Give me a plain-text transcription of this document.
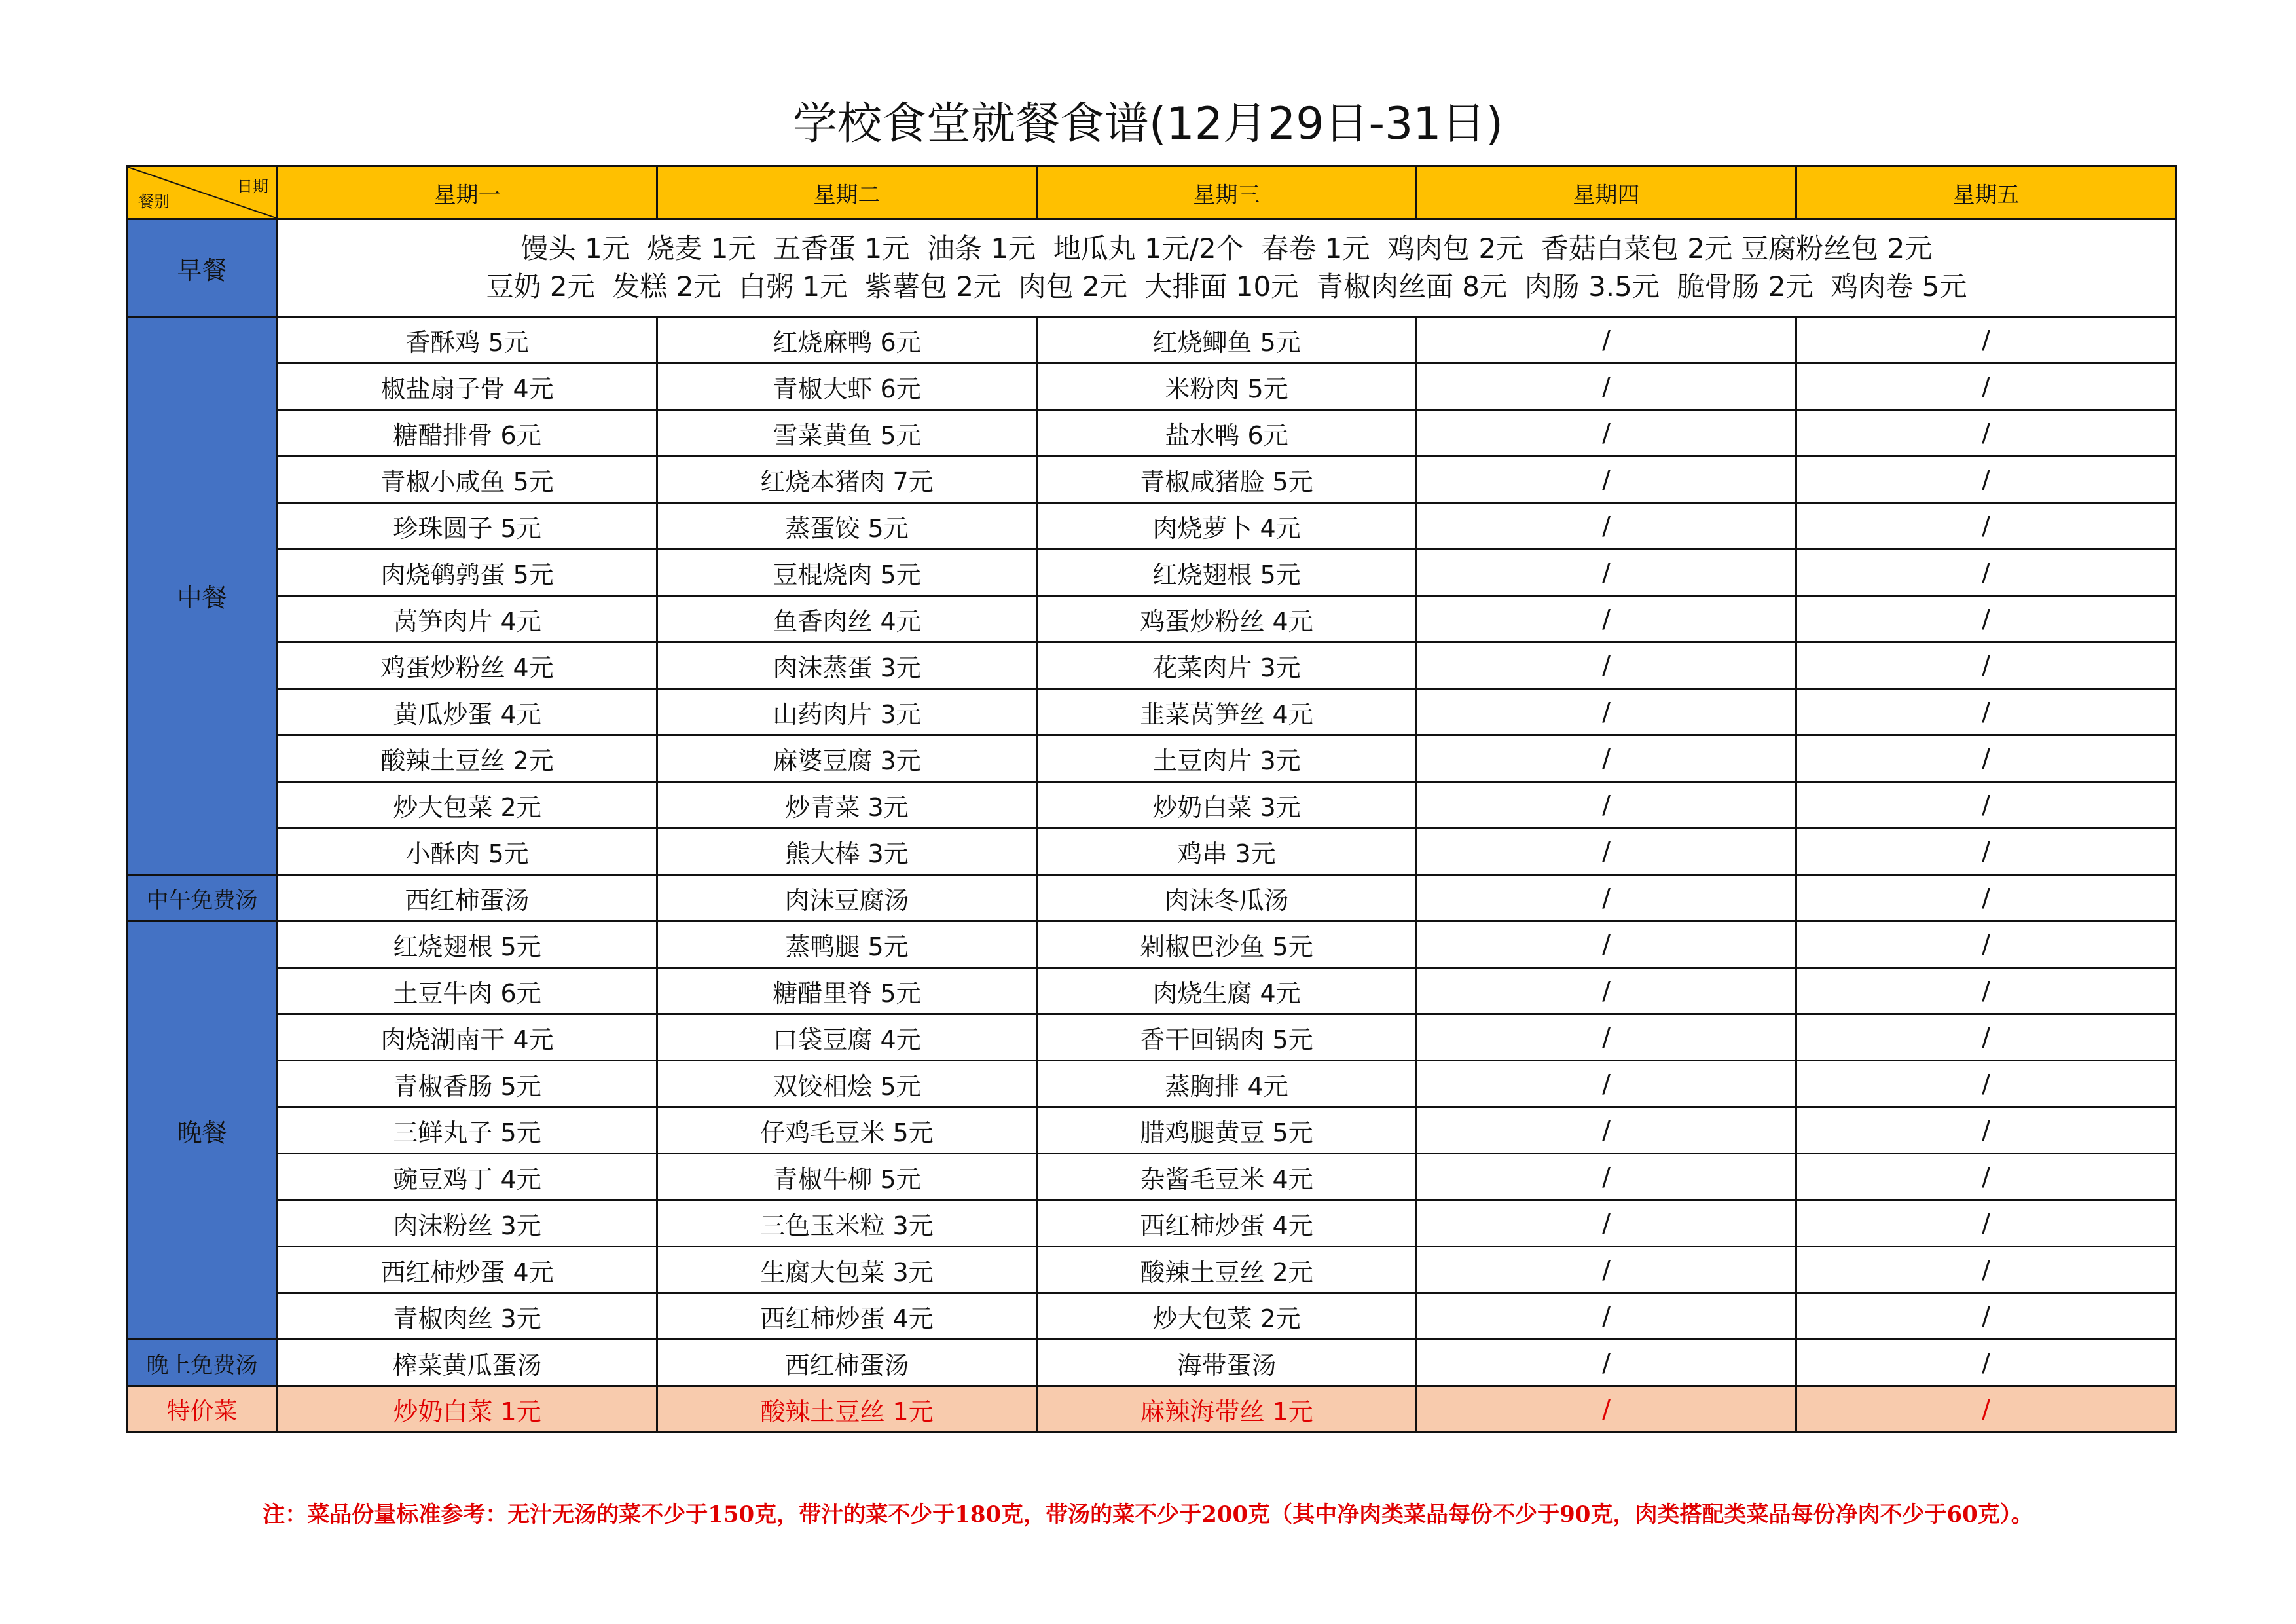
学校食堂就餐食谱(12月29日-31日)
餐别
日期	星期一	星期二	星期三	星期四	星期五
早餐	馒头 1元  烧麦 1元  五香蛋 1元  油条 1元  地瓜丸 1元/2个  春卷 1元  鸡肉包 2元  香菇白菜包 2元 豆腐粉丝包 2元
豆奶 2元  发糕 2元  白粥 1元  紫薯包 2元  肉包 2元  大排面 10元  青椒肉丝面 8元  肉肠 3.5元  脆骨肠 2元  鸡肉卷 5元				

中餐	香酥鸡 5元	红烧麻鸭 6元	红烧鲫鱼 5元	/	/
	椒盐扇子骨 4元	青椒大虾 6元	米粉肉 5元	/	/
	糖醋排骨 6元	雪菜黄鱼 5元	盐水鸭 6元	/	/
	青椒小咸鱼 5元	红烧本猪肉 7元	青椒咸猪脸 5元	/	/
	珍珠圆子 5元	蒸蛋饺 5元	肉烧萝卜 4元	/	/
	肉烧鹌鹑蛋 5元	豆棍烧肉 5元	红烧翅根 5元	/	/
	莴笋肉片 4元	鱼香肉丝 4元	鸡蛋炒粉丝 4元	/	/
	鸡蛋炒粉丝 4元	肉沫蒸蛋 3元	花菜肉片 3元	/	/
	黄瓜炒蛋 4元	山药肉片 3元	韭菜莴笋丝 4元	/	/
	酸辣土豆丝 2元	麻婆豆腐 3元	土豆肉片 3元	/	/
	炒大包菜 2元	炒青菜 3元	炒奶白菜 3元	/	/
	小酥肉 5元	熊大棒 3元	鸡串 3元	/	/
中午免费汤	西红柿蛋汤	肉沫豆腐汤	肉沫冬瓜汤	/	/
晚餐	红烧翅根 5元	蒸鸭腿 5元	剁椒巴沙鱼 5元	/	/
	土豆牛肉 6元	糖醋里脊 5元	肉烧生腐 4元	/	/
	肉烧湖南干 4元	口袋豆腐 4元	香干回锅肉 5元	/	/
	青椒香肠 5元	双饺相烩 5元	蒸胸排 4元	/	/
	三鲜丸子 5元	仔鸡毛豆米 5元	腊鸡腿黄豆 5元	/	/
	豌豆鸡丁 4元	青椒牛柳 5元	杂酱毛豆米 4元	/	/
	肉沫粉丝 3元	三色玉米粒 3元	西红柿炒蛋 4元	/	/
	西红柿炒蛋 4元	生腐大包菜 3元	酸辣土豆丝 2元	/	/
	青椒肉丝 3元	西红柿炒蛋 4元	炒大包菜 2元	/	/
晚上免费汤	榨菜黄瓜蛋汤	西红柿蛋汤	海带蛋汤	/	/
特价菜	炒奶白菜 1元	酸辣土豆丝 1元	麻辣海带丝 1元	/	/
注：菜品份量标准参考：无汁无汤的菜不少于150克，带汁的菜不少于180克，带汤的菜不少于200克（其中净肉类菜品每份不少于90克，肉类搭配类菜品每份净肉不少于60克）。
